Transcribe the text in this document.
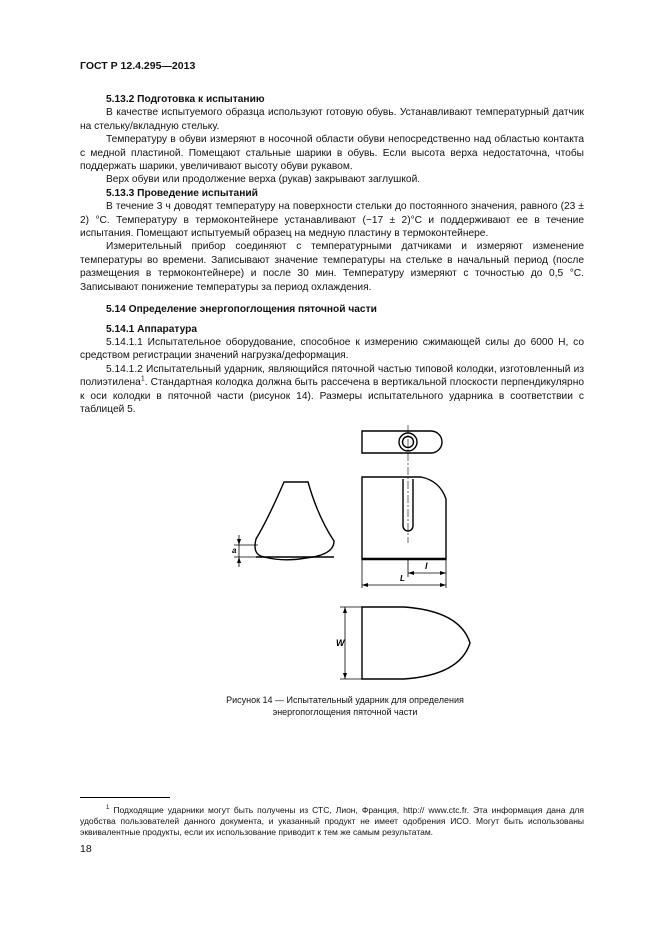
ГОСТ Р 12.4.295—2013

5.13.2 Подготовка к испытанию

В качестве испытуемого образца используют готовую обувь. Устанавливают температурный датчик на стельку/вкладную стельку.

Температуру в обуви измеряют в носочной области обуви непосредственно над областью контакта с медной пластиной. Помещают стальные шарики в обувь. Если высота верха недостаточна, чтобы поддержать шарики, увеличивают высоту обуви рукавом.

Верх обуви или продолжение верха (рукав) закрывают заглушкой.

5.13.3 Проведение испытаний

В течение 3 ч доводят температуру на поверхности стельки до постоянного значения, равного (23 ± 2) °С. Температуру в термоконтейнере устанавливают (−17 ± 2)°С и поддерживают ее в течение испытания. Помещают испытуемый образец на медную пластину в термоконтейнере.

Измерительный прибор соединяют с температурными датчиками и измеряют изменение температуры во времени. Записывают значение температуры на стельке в начальный период (после размещения в термоконтейнере) и после 30 мин. Температуру измеряют с точностью до 0,5 °С. Записывают понижение температуры за период охлаждения.

5.14 Определение энергопоглощения пяточной части

5.14.1 Аппаратура

5.14.1.1 Испытательное оборудование, способное к измерению сжимающей силы до 6000 Н, со средством регистрации значений нагрузка/деформация.

5.14.1.2 Испытательный ударник, являющийся пяточной частью типовой колодки, изготовленный из полиэтилена$^1$. Стандартная колодка должна быть рассечена в вертикальной плоскости перпендикулярно к оси колодки в пяточной части (рисунок 14). Размеры испытательного ударника в соответствии с таблицей 5.

a
l
L
W
Рисунок 14 — Испытательный ударник для определения
энергопоглощения пяточной части
$^1$ Подходящие ударники могут быть получены из СТС, Лион, Франция, http:// www.ctc.fr. Эта информация дана для удобства пользователей данного документа, и указанный продукт не имеет одобрения ИСО. Могут быть использованы эквивалентные продукты, если их использование приводит к тем же самым результатам.
18
